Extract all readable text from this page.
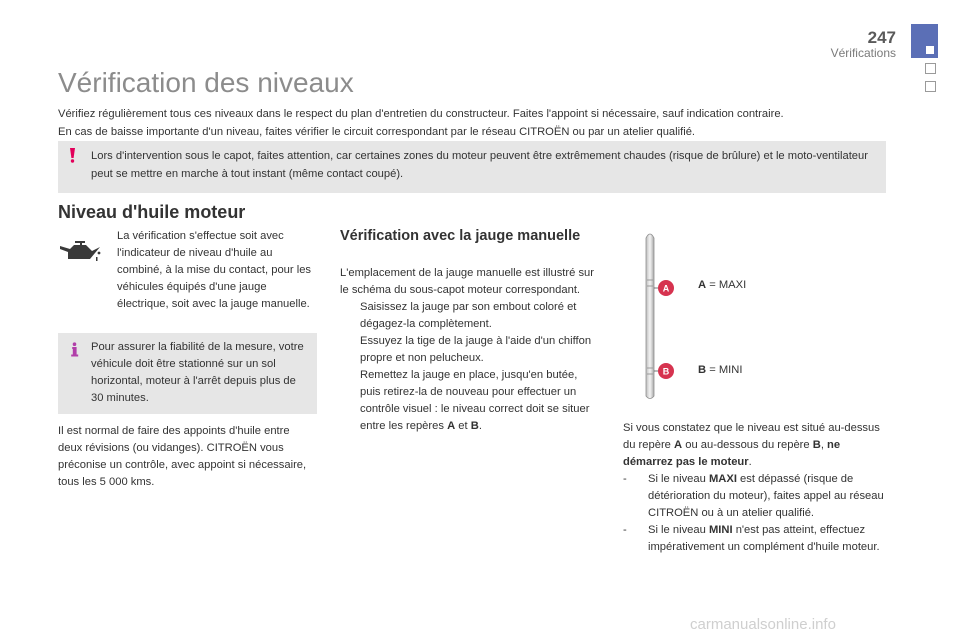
247
Vérifications
Vérification des niveaux
Vérifiez régulièrement tous ces niveaux dans le respect du plan d'entretien du constructeur. Faites l'appoint si nécessaire, sauf indication contraire.
En cas de baisse importante d'un niveau, faites vérifier le circuit correspondant par le réseau CITROËN ou par un atelier qualifié.
Lors d'intervention sous le capot, faites attention, car certaines zones du moteur peuvent être extrêmement chaudes (risque de brûlure) et le moto-ventilateur peut se mettre en marche à tout instant (même contact coupé).
Niveau d'huile moteur
La vérification s'effectue soit avec l'indicateur de niveau d'huile au combiné, à la mise du contact, pour les véhicules équipés d'une jauge électrique, soit avec la jauge manuelle.
Pour assurer la fiabilité de la mesure, votre véhicule doit être stationné sur un sol horizontal, moteur à l'arrêt depuis plus de 30 minutes.
Il est normal de faire des appoints d'huile entre deux révisions (ou vidanges). CITROËN vous préconise un contrôle, avec appoint si nécessaire, tous les 5 000 kms.
Vérification avec la jauge manuelle

L'emplacement de la jauge manuelle est illustré sur le schéma du sous-capot moteur correspondant.

Saisissez la jauge par son embout coloré et dégagez-la complètement.

Essuyez la tige de la jauge à l'aide d'un chiffon propre et non pelucheux.

Remettez la jauge en place, jusqu'en butée, puis retirez-la de nouveau pour effectuer un contrôle visuel : le niveau correct doit se situer entre les repères A et B.

A
B
A = MAXI
B = MINI

Si vous constatez que le niveau est situé au-dessus du repère A ou au-dessous du repère B, ne démarrez pas le moteur.

- Si le niveau MAXI est dépassé (risque de détérioration du moteur), faites appel au réseau CITROËN ou à un atelier qualifié.

- Si le niveau MINI n'est pas atteint, effectuez impérativement un complément d'huile moteur.

carmanualsonline.info
